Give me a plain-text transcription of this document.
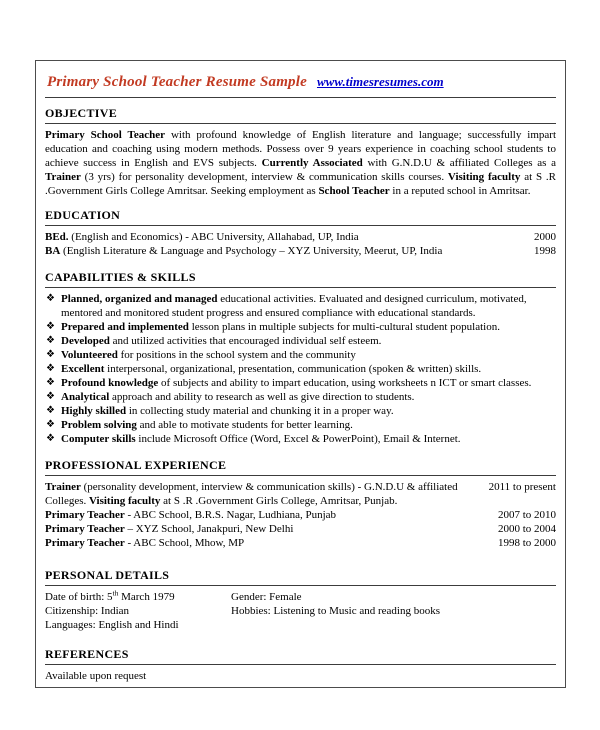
Primary School Teacher Resume Sample www.timesresumes.com
OBJECTIVE

Primary School Teacher with profound knowledge of English literature and language; successfully impart education and coaching using modern methods. Possess over 9 years experience in coaching school students to achieve success in English and EVS subjects. Currently Associated with G.N.D.U & affiliated Colleges as a Trainer (3 yrs) for personality development, interview & communication skills courses. Visiting faculty at S .R .Government Girls College Amritsar. Seeking employment as School Teacher in a reputed school in Amritsar.

EDUCATION
BEd. (English and Economics) - ABC University, Allahabad, UP, India	2000
BA (English Literature & Language and Psychology – XYZ University, Meerut, UP, India	1998
CAPABILITIES & SKILLS
❖ Planned, organized and managed educational activities. Evaluated and designed curriculum, motivated, mentored and monitored student progress and ensured compliance with educational standards.
❖ Prepared and implemented lesson plans in multiple subjects for multi-cultural student population.
❖ Developed and utilized activities that encouraged individual self esteem.
❖ Volunteered for positions in the school system and the community
❖ Excellent interpersonal, organizational, presentation, communication (spoken & written) skills.
❖ Profound knowledge of subjects and ability to impart education, using worksheets n ICT or smart classes.
❖ Analytical approach and ability to research as well as give direction to students.
❖ Highly skilled in collecting study material and chunking it in a proper way.
❖ Problem solving and able to motivate students for better learning.
❖ Computer skills include Microsoft Office (Word, Excel & PowerPoint), Email & Internet.
PROFESSIONAL EXPERIENCE
Trainer (personality development, interview & communication skills) - G.N.D.U & affiliated Colleges. Visiting faculty at S .R .Government Girls College, Amritsar, Punjab.
2011 to present
Primary Teacher - ABC School, B.R.S. Nagar, Ludhiana, Punjab	2007 to 2010
Primary Teacher – XYZ School, Janakpuri, New Delhi	2000 to 2004
Primary Teacher - ABC School, Mhow, MP	1998 to 2000
PERSONAL DETAILS
Date of birth: 5th March 1979	Gender: Female
Citizenship: Indian	Hobbies: Listening to Music and reading books
Languages: English and Hindi
REFERENCES

Available upon request
